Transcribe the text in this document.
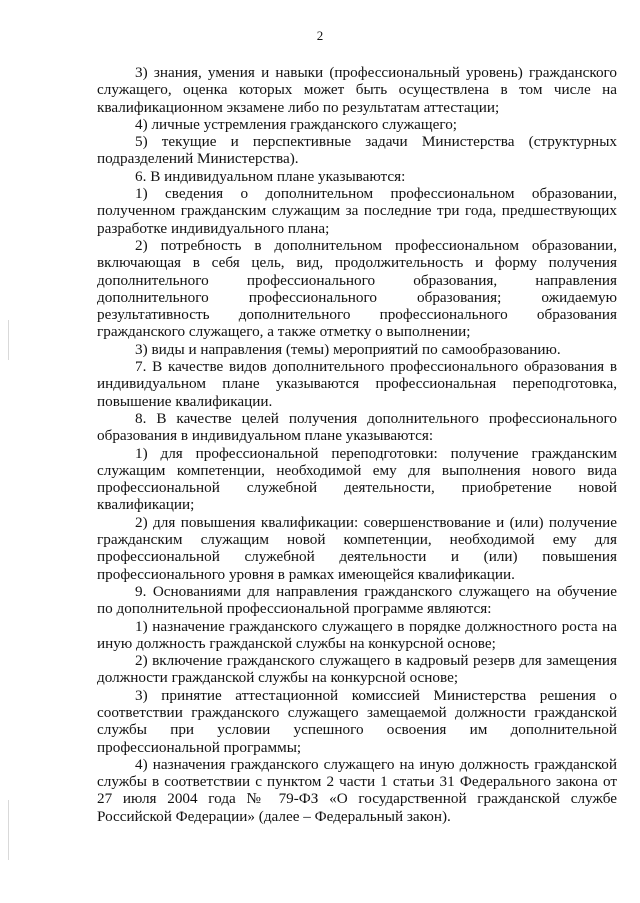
2

3) знания, умения и навыки (профессиональный уровень) гражданского служащего, оценка которых может быть осуществлена в том числе на квалификационном экзамене либо по результатам аттестации;

4) личные устремления гражданского служащего;

5) текущие и перспективные задачи Министерства (структурных подразделений Министерства).

6. В индивидуальном плане указываются:

1) сведения о дополнительном профессиональном образовании, полученном гражданским служащим за последние три года, предшествующих разработке индивидуального плана;

2) потребность в дополнительном профессиональном образовании, включающая в себя цель, вид, продолжительность и форму получения дополнительного профессионального образования, направления дополнительного профессионального образования; ожидаемую результативность дополнительного профессионального образования гражданского служащего, а также отметку о выполнении;

3) виды и направления (темы) мероприятий по самообразованию.

7. В качестве видов дополнительного профессионального образования в индивидуальном плане указываются профессиональная переподготовка, повышение квалификации.

8. В качестве целей получения дополнительного профессионального образования в индивидуальном плане указываются:

1) для профессиональной переподготовки: получение гражданским служащим компетенции, необходимой ему для выполнения нового вида профессиональной служебной деятельности, приобретение новой квалификации;

2) для повышения квалификации: совершенствование и (или) получение гражданским служащим новой компетенции, необходимой ему для профессиональной служебной деятельности и (или) повышения профессионального уровня в рамках имеющейся квалификации.

9. Основаниями для направления гражданского служащего на обучение по дополнительной профессиональной программе являются:

1) назначение гражданского служащего в порядке должностного роста на иную должность гражданской службы на конкурсной основе;

2) включение гражданского служащего в кадровый резерв для замещения должности гражданской службы на конкурсной основе;

3) принятие аттестационной комиссией Министерства решения о соответствии гражданского служащего замещаемой должности гражданской службы при условии успешного освоения им дополнительной профессиональной программы;

4) назначения гражданского служащего на иную должность гражданской службы в соответствии с пунктом 2 части 1 статьи 31 Федерального закона от 27 июля 2004 года № 79-ФЗ «О государственной гражданской службе Российской Федерации» (далее – Федеральный закон).
